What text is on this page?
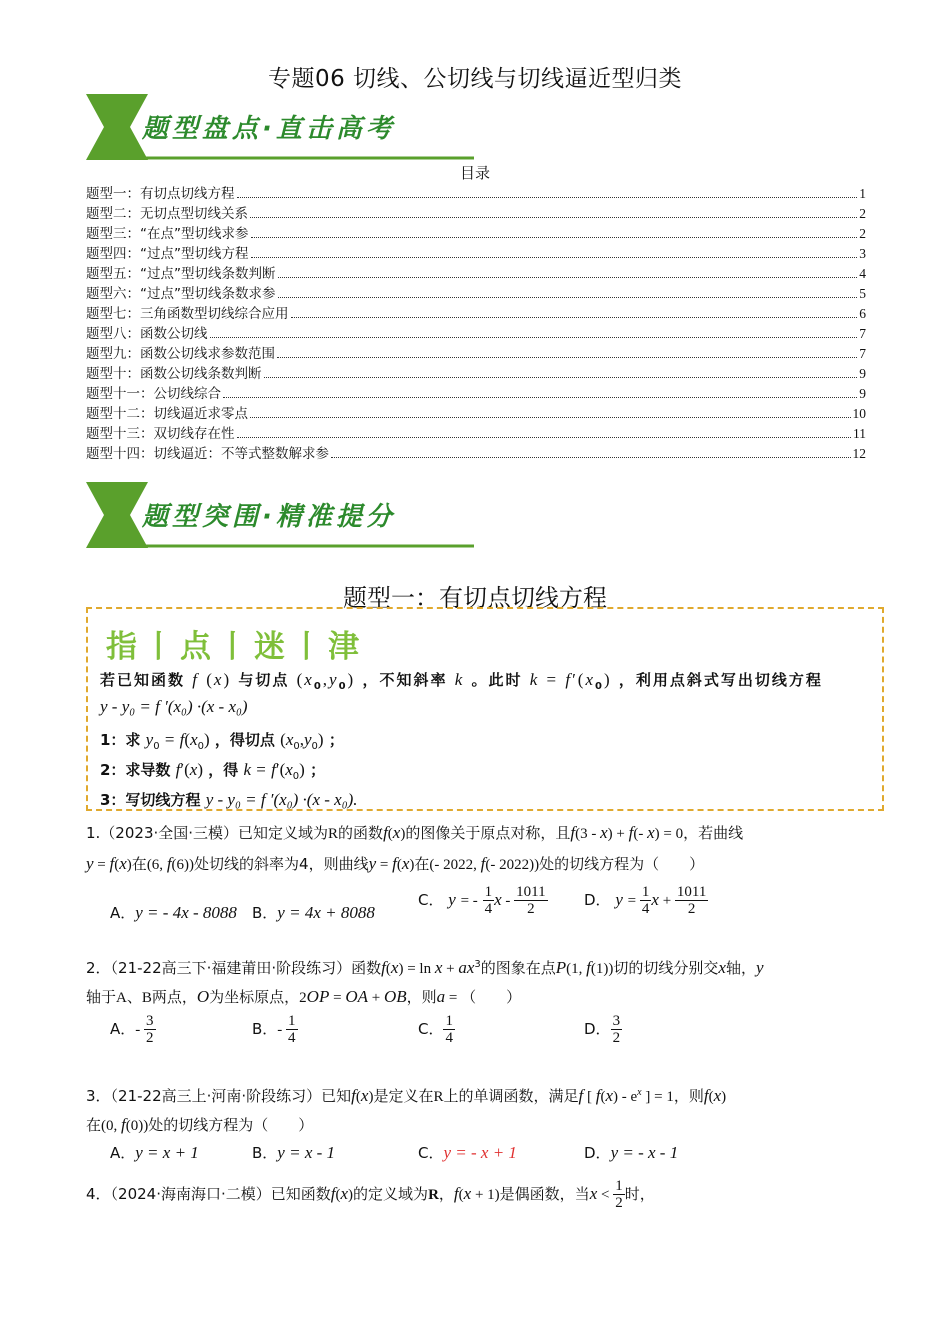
专题06 切线、公切线与切线逼近型归类
题型盘点·直击高考
目录
题型一：有切点切线方程	1
题型二：无切点型切线关系	2
题型三：“在点”型切线求参	2
题型四：“过点”型切线方程	3
题型五：“过点”型切线条数判断	4
题型六：“过点”型切线条数求参	5
题型七：三角函数型切线综合应用	6
题型八：函数公切线	7
题型九：函数公切线求参数范围	7
题型十：函数公切线条数判断	9
题型十一：公切线综合	9
题型十二：切线逼近求零点	10
题型十三：双切线存在性	11
题型十四：切线逼近：不等式整数解求参	12
题型突围·精准提分
题型一：有切点切线方程
指丨点丨迷丨津
若已知函数 f (x) 与切点 $(x_0,y_0)$ ，不知斜率 k 。此时 $k = f'(x_0)$ ，利用点斜式写出切线方程
y - y₀ = f ′(x₀) ·(x - x₀)
1：求 $y_0 = f(x_0)$ ，得切点 $(x_0,y_0)$ ；
2：求导数 f′(x) ，得 $k = f'(x_0)$ ；
3：写切线方程 y - y₀ = f ′(x₀) ·(x - x₀).
1.（2023·全国·三模）已知定义域为R的函数f(x)的图像关于原点对称，且f(3 - x) + f(- x) = 0，若曲线
y = f(x)在(6, f(6))处切线的斜率为4，则曲线y = f(x)在(- 2022, f(- 2022))处的切线方程为（　　）
A．y = - 4x - 8088 B．y = 4x + 8088
C． y = - $\frac{1}{4}$ x - $\frac{1011}{2}$ D． $y = \frac{1}{4}$ $x + \frac{1011}{2}$
2．（21-22高三下·福建莆田·阶段练习）函数$f(x) = \ln x + ax^3$的图象在点P(1, f(1))切的切线分别交x轴，y
轴于A、B两点，O为坐标原点，2OP = OA + OB，则a = （　　）
A．- $\frac{3}{2}$	B．- $\frac{1}{4}$	C． $\frac{1}{4}$	D． $\frac{3}{2}$
3．（21-22高三上·河南·阶段练习）已知f(x)是定义在R上的单调函数，满足f [ $f(x) - e^x$ ] = 1，则f(x)
在(0, f(0))处的切线方程为（　　）
A．y = x + 1	B．y = x - 1	C．y = - x + 1	D．y = - x - 1
4．（2024·海南海口·二模）已知函数f(x)的定义域为R，f(x + 1)是偶函数，当$x < \frac{1}{2}$ 时，
